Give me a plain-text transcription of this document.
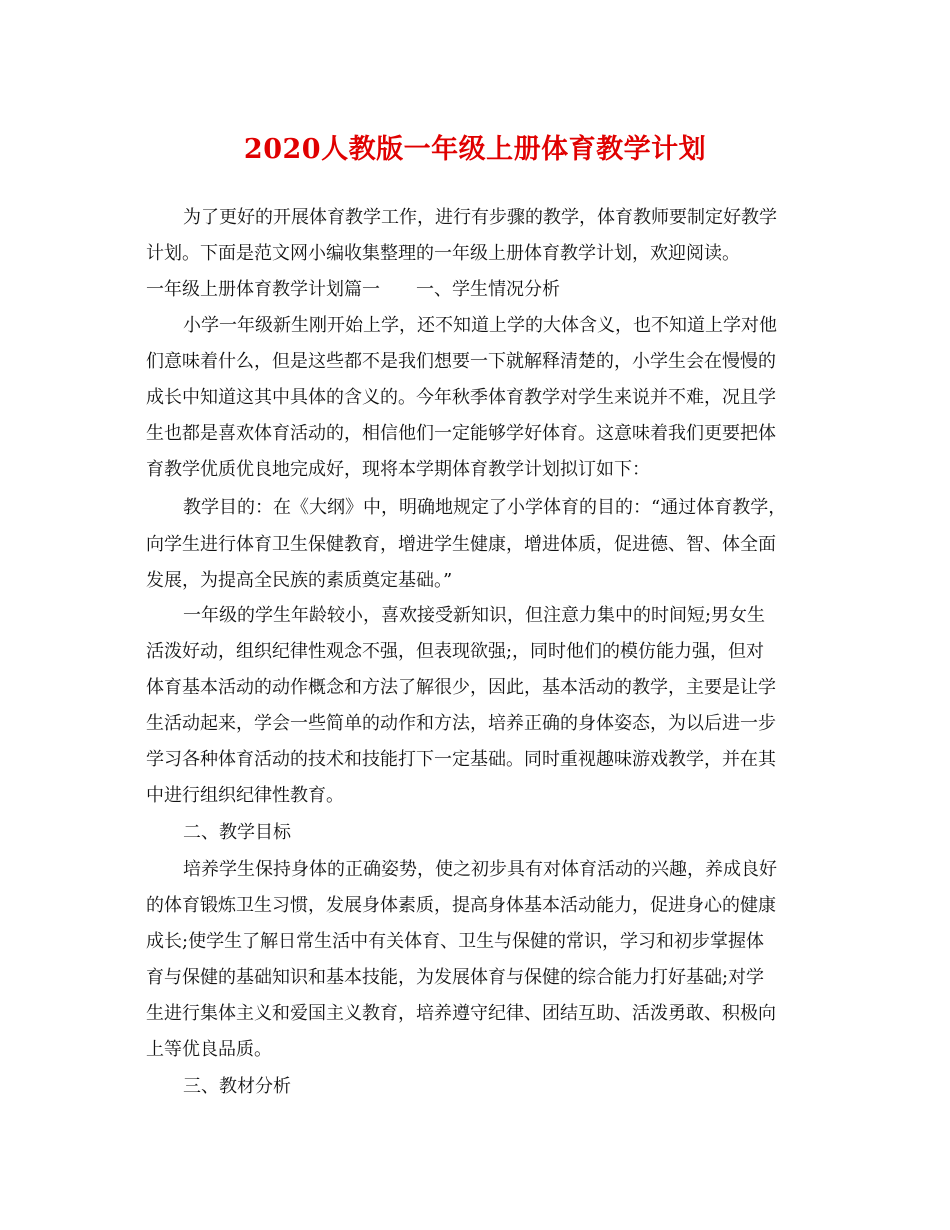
2020人教版一年级上册体育教学计划
为了更好的开展体育教学工作，进行有步骤的教学，体育教师要制定好教学
计划。下面是范文网小编收集整理的一年级上册体育教学计划，欢迎阅读。
一年级上册体育教学计划篇一　　一、学生情况分析
小学一年级新生刚开始上学，还不知道上学的大体含义，也不知道上学对他
们意味着什么，但是这些都不是我们想要一下就解释清楚的，小学生会在慢慢的
成长中知道这其中具体的含义的。今年秋季体育教学对学生来说并不难，况且学
生也都是喜欢体育活动的，相信他们一定能够学好体育。这意味着我们更要把体
育教学优质优良地完成好，现将本学期体育教学计划拟订如下：
教学目的：在《大纲》中，明确地规定了小学体育的目的：“通过体育教学，
向学生进行体育卫生保健教育，增进学生健康，增进体质，促进德、智、体全面
发展，为提高全民族的素质奠定基础。”
一年级的学生年龄较小，喜欢接受新知识，但注意力集中的时间短;男女生
活泼好动，组织纪律性观念不强，但表现欲强;，同时他们的模仿能力强，但对
体育基本活动的动作概念和方法了解很少，因此，基本活动的教学，主要是让学
生活动起来，学会一些简单的动作和方法，培养正确的身体姿态，为以后进一步
学习各种体育活动的技术和技能打下一定基础。同时重视趣味游戏教学，并在其
中进行组织纪律性教育。
二、教学目标
培养学生保持身体的正确姿势，使之初步具有对体育活动的兴趣，养成良好
的体育锻炼卫生习惯，发展身体素质，提高身体基本活动能力，促进身心的健康
成长;使学生了解日常生活中有关体育、卫生与保健的常识，学习和初步掌握体
育与保健的基础知识和基本技能，为发展体育与保健的综合能力打好基础;对学
生进行集体主义和爱国主义教育，培养遵守纪律、团结互助、活泼勇敢、积极向
上等优良品质。
三、教材分析
